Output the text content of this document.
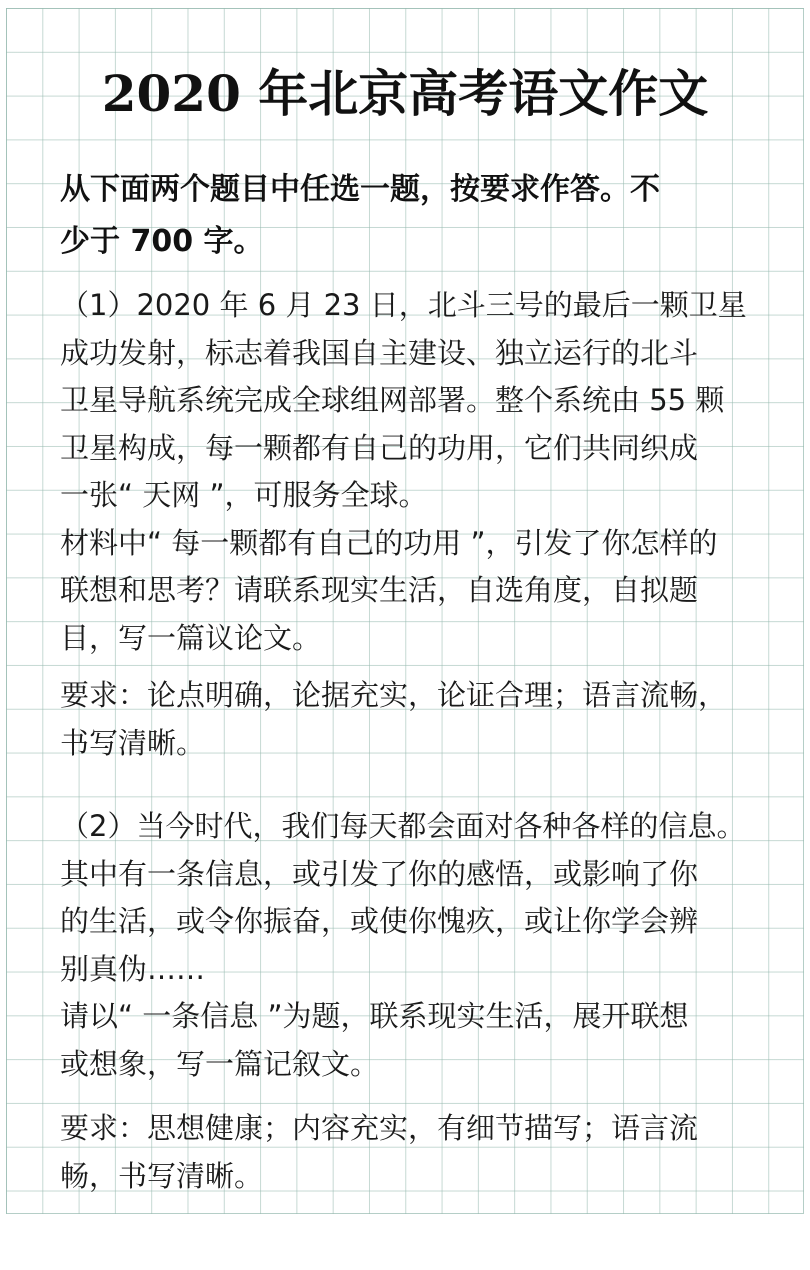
2020 年北京高考语文作文
从下面两个题目中任选一题，按要求作答。不
少于 700 字。
（1）2020 年 6 月 23 日，北斗三号的最后一颗卫星
成功发射，标志着我国自主建设、独立运行的北斗
卫星导航系统完成全球组网部署。整个系统由 55 颗
卫星构成，每一颗都有自己的功用，它们共同织成
一张“ 天网 ”，可服务全球。
材料中“ 每一颗都有自己的功用 ”，引发了你怎样的
联想和思考？请联系现实生活，自选角度，自拟题
目，写一篇议论文。
要求：论点明确，论据充实，论证合理；语言流畅，
书写清晰。
（2）当今时代，我们每天都会面对各种各样的信息。
其中有一条信息，或引发了你的感悟，或影响了你
的生活，或令你振奋，或使你愧疚，或让你学会辨
别真伪……
请以“ 一条信息 ”为题，联系现实生活，展开联想
或想象，写一篇记叙文。
要求：思想健康；内容充实，有细节描写；语言流
畅，书写清晰。
